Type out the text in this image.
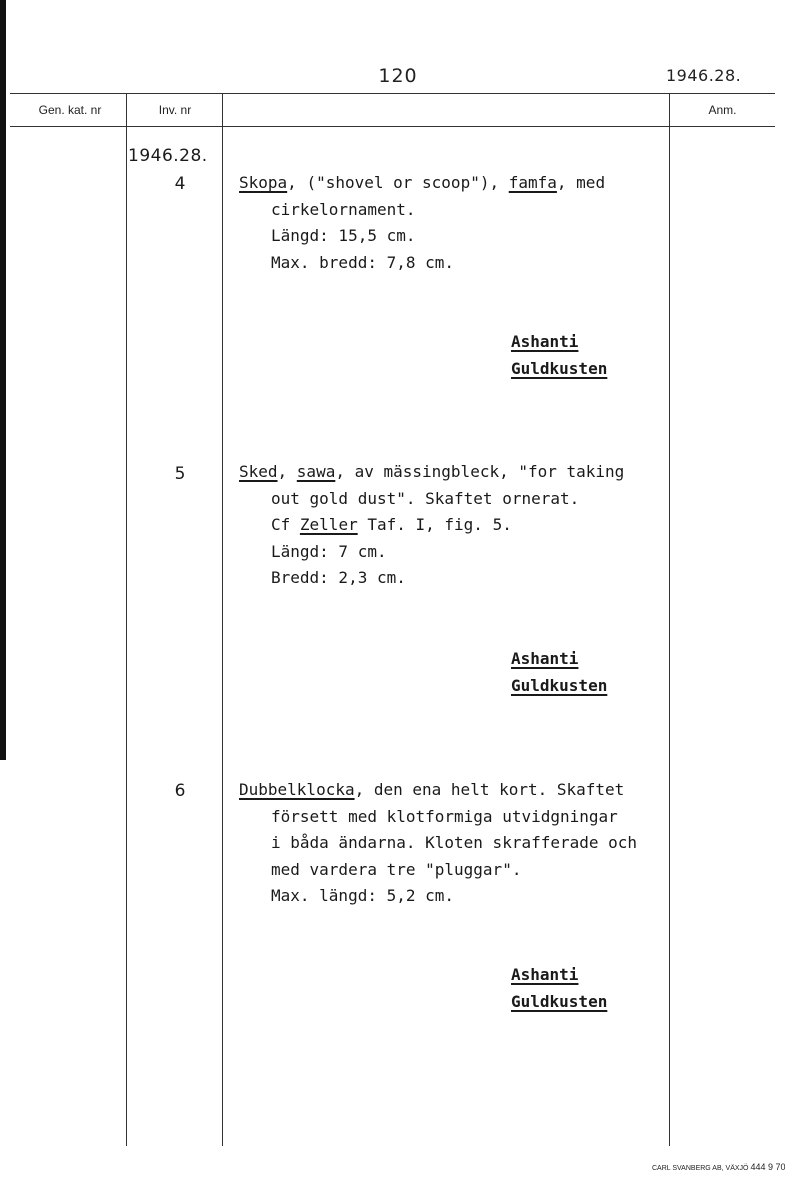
120	1946.28.
Gen. kat. nr	Inv. nr	Anm.
1946.28.
4	Skopa, ("shovel or scoop"), famfa, med
cirkelornament.
Längd: 15,5 cm.
Max. bredd: 7,8 cm.
Ashanti
Guldkusten
5	Sked, sawa, av mässingbleck, "for taking
out gold dust". Skaftet ornerat.
Cf Zeller Taf. I, fig. 5.
Längd: 7 cm.
Bredd: 2,3 cm.
Ashanti
Guldkusten
6	Dubbelklocka, den ena helt kort. Skaftet
försett med klotformiga utvidgningar
i båda ändarna. Kloten skrafferade och
med vardera tre "pluggar".
Max. längd: 5,2 cm.
Ashanti
Guldkusten
CARL SVANBERG AB, VÄXJÖ 444 9 70
